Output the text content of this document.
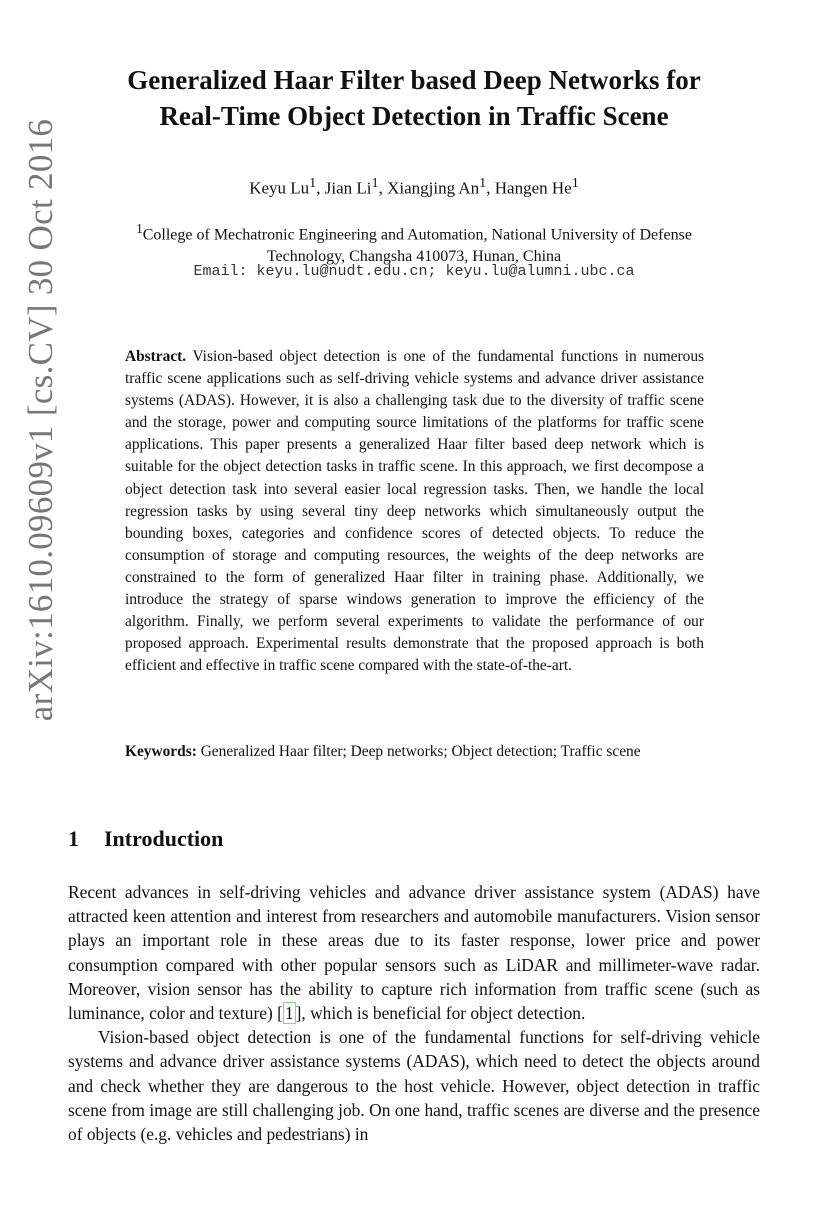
arXiv:1610.09609v1 [cs.CV] 30 Oct 2016
Generalized Haar Filter based Deep Networks for
Real-Time Object Detection in Traffic Scene
Keyu Lu$^1$, Jian Li$^1$, Xiangjing An$^1$, Hangen He$^1$
$^1$College of Mechatronic Engineering and Automation, National University of Defense
Technology, Changsha 410073, Hunan, China
Email: keyu.lu@nudt.edu.cn; keyu.lu@alumni.ubc.ca
Abstract. Vision-based object detection is one of the fundamental functions in numerous traffic scene applications such as self-driving vehicle systems and advance driver assistance systems (ADAS). However, it is also a challenging task due to the diversity of traffic scene and the storage, power and computing source limitations of the platforms for traffic scene applications. This paper presents a generalized Haar filter based deep network which is suitable for the object detection tasks in traffic scene. In this approach, we first decompose a object detection task into several easier local regression tasks. Then, we handle the local regression tasks by using several tiny deep networks which simultaneously output the bounding boxes, categories and confidence scores of detected objects. To reduce the consumption of storage and computing resources, the weights of the deep networks are constrained to the form of generalized Haar filter in training phase. Additionally, we introduce the strategy of sparse windows generation to improve the efficiency of the algorithm. Finally, we perform several experiments to validate the performance of our proposed approach. Experimental results demonstrate that the proposed approach is both efficient and effective in traffic scene compared with the state-of-the-art.
Keywords: Generalized Haar filter; Deep networks; Object detection; Traffic scene
1 Introduction

Recent advances in self-driving vehicles and advance driver assistance system (ADAS) have attracted keen attention and interest from researchers and automobile manufacturers. Vision sensor plays an important role in these areas due to its faster response, lower price and power consumption compared with other popular sensors such as LiDAR and millimeter-wave radar. Moreover, vision sensor has the ability to capture rich information from traffic scene (such as luminance, color and texture) [ 1 ], which is beneficial for object detection.

Vision-based object detection is one of the fundamental functions for self-driving vehicle systems and advance driver assistance systems (ADAS), which need to detect the objects around and check whether they are dangerous to the host vehicle. However, object detection in traffic scene from image are still challenging job. On one hand, traffic scenes are diverse and the presence of objects (e.g. vehicles and pedestrians) in
